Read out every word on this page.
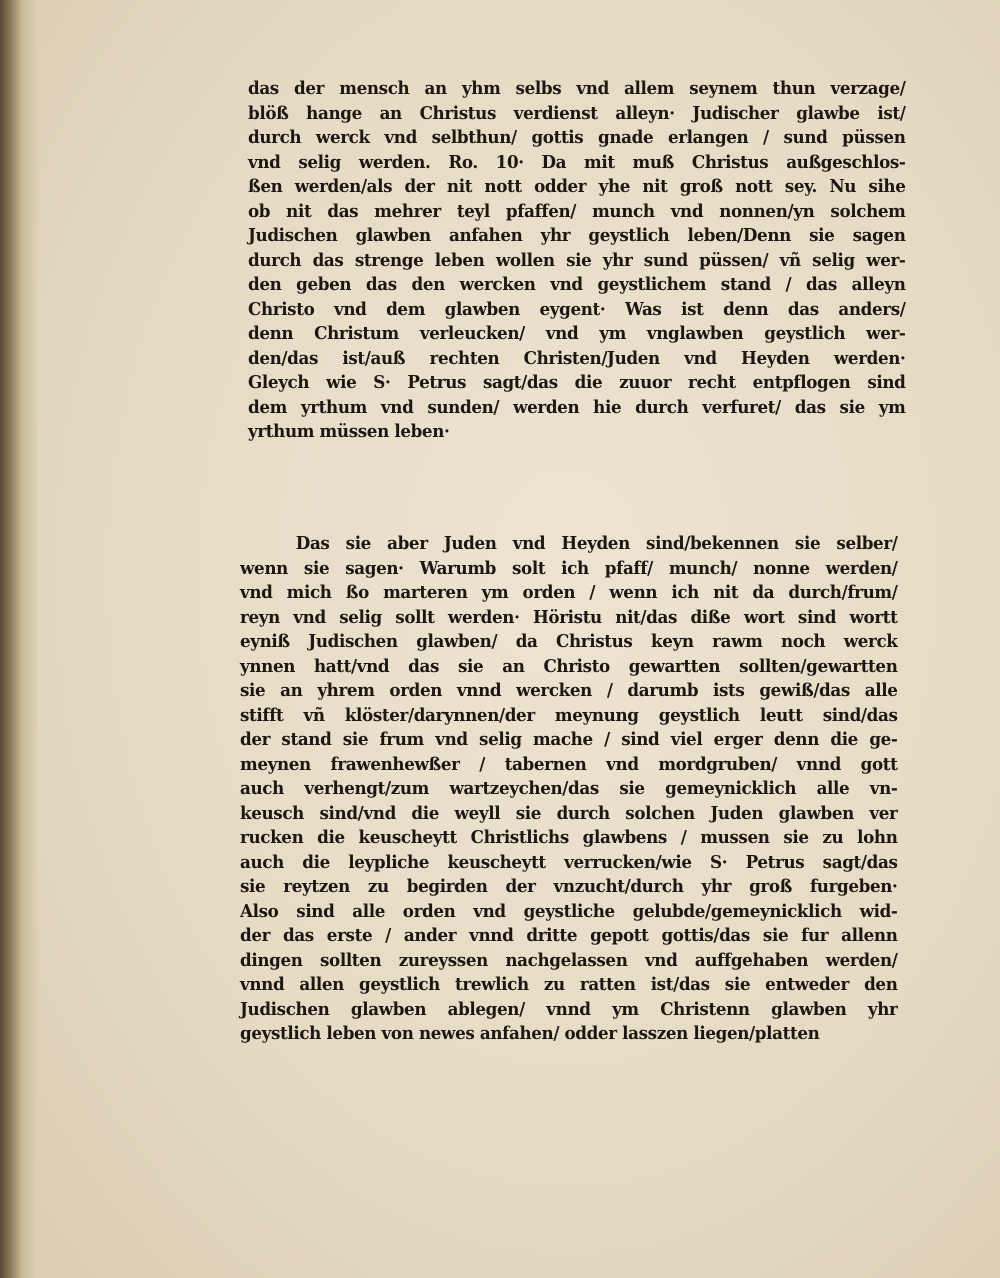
das der mensch an yhm selbs vnd allem seynem thun verzage/
blöß hange an Christus verdienst alleyn· Judischer glawbe ist/
durch werck vnd selbthun/ gottis gnade erlangen / sund püssen
vnd selig werden. Ro. 10· Da mit muß Christus außgeschlos-
ßen werden/als der nit nott odder yhe nit groß nott sey. Nu sihe
ob nit das mehrer teyl pfaffen/ munch vnd nonnen/yn solchem
Judischen glawben anfahen yhr geystlich leben/Denn sie sagen
durch das strenge leben wollen sie yhr sund püssen/ vñ selig wer-
den geben das den wercken vnd geystlichem stand / das alleyn
Christo vnd dem glawben eygent· Was ist denn das anders/
denn Christum verleucken/ vnd ym vnglawben geystlich wer-
den/das ist/auß rechten Christen/Juden vnd Heyden werden·
Gleych wie S· Petrus sagt/das die zuuor recht entpflogen sind
dem yrthum vnd sunden/ werden hie durch verfuret/ das sie ym
yrthum müssen leben·
Das sie aber Juden vnd Heyden sind/bekennen sie selber/
wenn sie sagen· Warumb solt ich pfaff/ munch/ nonne werden/
vnd mich ßo marteren ym orden / wenn ich nit da durch/frum/
reyn vnd selig sollt werden· Höristu nit/das diße wort sind wortt
eyniß Judischen glawben/ da Christus keyn rawm noch werck
ynnen hatt/vnd das sie an Christo gewartten sollten/gewartten
sie an yhrem orden vnnd wercken / darumb ists gewiß/das alle
stifft vñ klöster/darynnen/der meynung geystlich leutt sind/das
der stand sie frum vnd selig mache / sind viel erger denn die ge-
meynen frawenhewßer / tabernen vnd mordgruben/ vnnd gott
auch verhengt/zum wartzeychen/das sie gemeynicklich alle vn-
keusch sind/vnd die weyll sie durch solchen Juden glawben ver
rucken die keuscheytt Christlichs glawbens / mussen sie zu lohn
auch die leypliche keuscheytt verrucken/wie S· Petrus sagt/das
sie reytzen zu begirden der vnzucht/durch yhr groß furgeben·
Also sind alle orden vnd geystliche gelubde/gemeynicklich wid-
der das erste / ander vnnd dritte gepott gottis/das sie fur allenn
dingen sollten zureyssen nachgelassen vnd auffgehaben werden/
vnnd allen geystlich trewlich zu ratten ist/das sie entweder den
Judischen glawben ablegen/ vnnd ym Christenn glawben yhr
geystlich leben von newes anfahen/ odder lasszen liegen/platten
